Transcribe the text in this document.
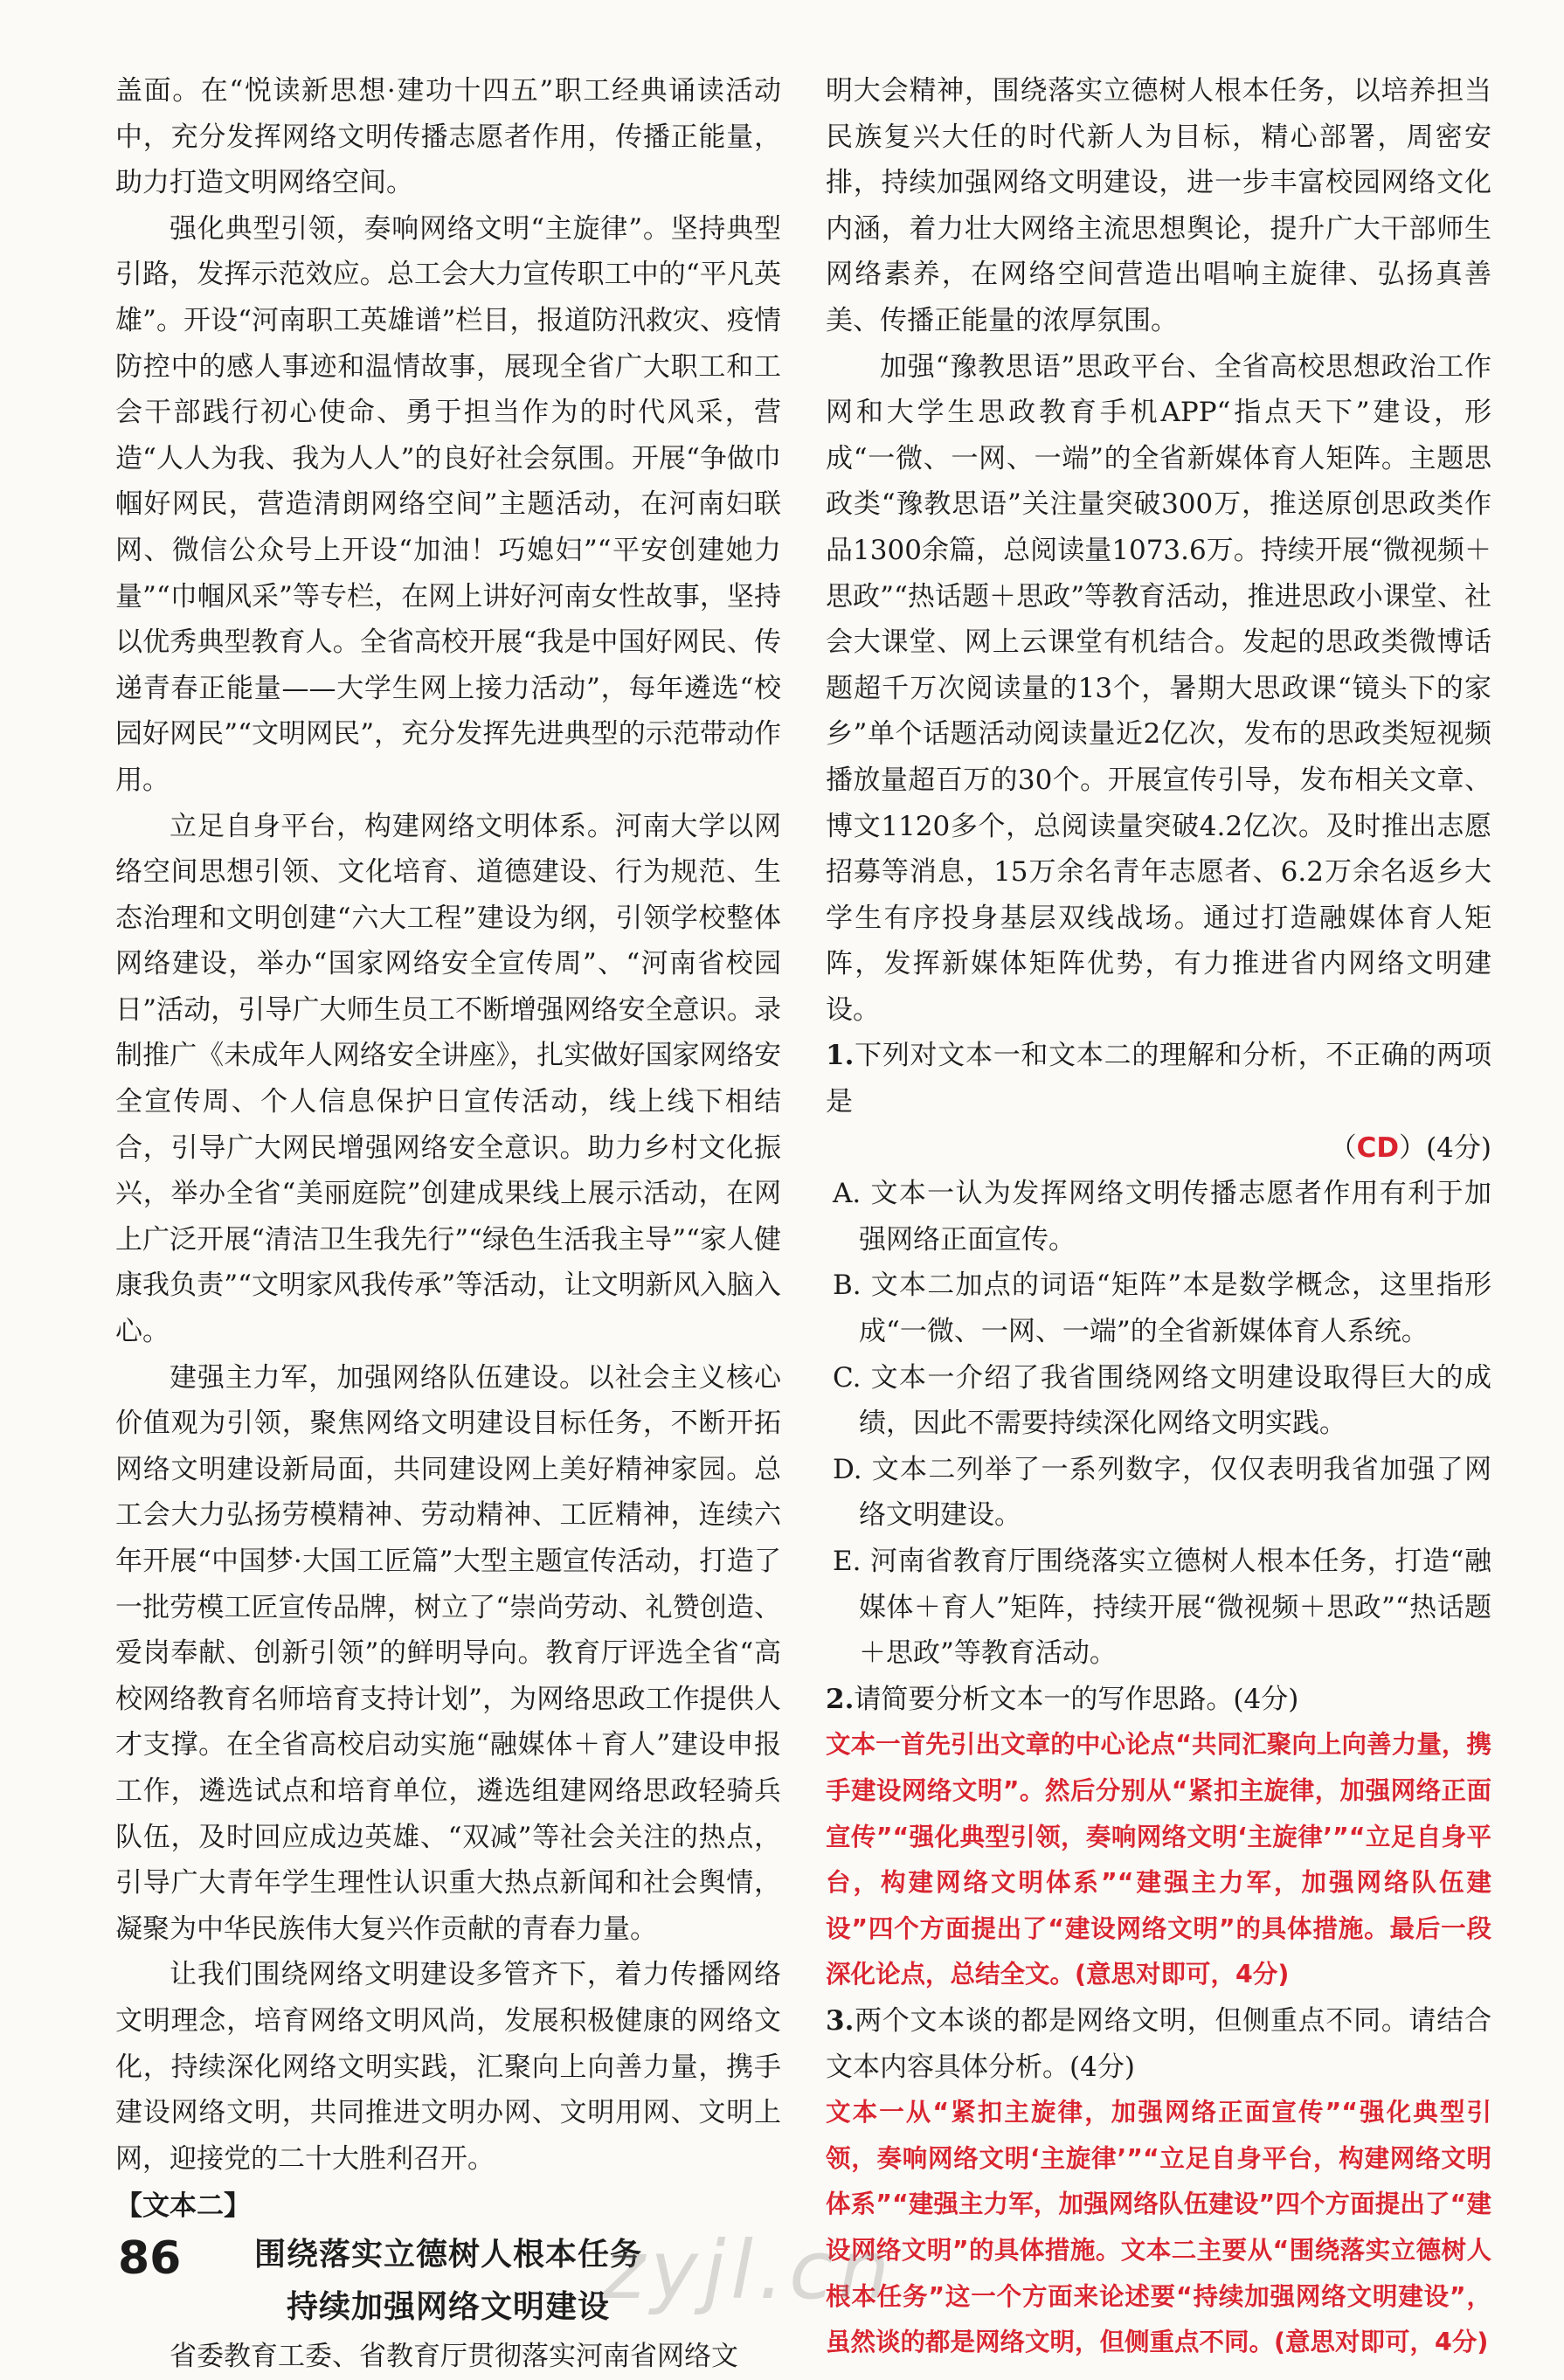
盖面。在“悦读新思想·建功十四五”职工经典诵读活动中，充分发挥网络文明传播志愿者作用，传播正能量，助力打造文明网络空间。

强化典型引领，奏响网络文明“主旋律”。坚持典型引路，发挥示范效应。总工会大力宣传职工中的“平凡英雄”。开设“河南职工英雄谱”栏目，报道防汛救灾、疫情防控中的感人事迹和温情故事，展现全省广大职工和工会干部践行初心使命、勇于担当作为的时代风采，营造“人人为我、我为人人”的良好社会氛围。开展“争做巾帼好网民，营造清朗网络空间”主题活动，在河南妇联网、微信公众号上开设“加油！巧媳妇”“平安创建她力量”“巾帼风采”等专栏，在网上讲好河南女性故事，坚持以优秀典型教育人。全省高校开展“我是中国好网民、传递青春正能量——大学生网上接力活动”，每年遴选“校园好网民”“文明网民”，充分发挥先进典型的示范带动作用。

立足自身平台，构建网络文明体系。河南大学以网络空间思想引领、文化培育、道德建设、行为规范、生态治理和文明创建“六大工程”建设为纲，引领学校整体网络建设，举办“国家网络安全宣传周”、“河南省校园日”活动，引导广大师生员工不断增强网络安全意识。录制推广《未成年人网络安全讲座》，扎实做好国家网络安全宣传周、个人信息保护日宣传活动，线上线下相结合，引导广大网民增强网络安全意识。助力乡村文化振兴，举办全省“美丽庭院”创建成果线上展示活动，在网上广泛开展“清洁卫生我先行”“绿色生活我主导”“家人健康我负责”“文明家风我传承”等活动，让文明新风入脑入心。

建强主力军，加强网络队伍建设。以社会主义核心价值观为引领，聚焦网络文明建设目标任务，不断开拓网络文明建设新局面，共同建设网上美好精神家园。总工会大力弘扬劳模精神、劳动精神、工匠精神，连续六年开展“中国梦·大国工匠篇”大型主题宣传活动，打造了一批劳模工匠宣传品牌，树立了“崇尚劳动、礼赞创造、爱岗奉献、创新引领”的鲜明导向。教育厅评选全省“高校网络教育名师培育支持计划”，为网络思政工作提供人才支撑。在全省高校启动实施“融媒体＋育人”建设申报工作，遴选试点和培育单位，遴选组建网络思政轻骑兵队伍，及时回应成边英雄、“双减”等社会关注的热点，引导广大青年学生理性认识重大热点新闻和社会舆情，凝聚为中华民族伟大复兴作贡献的青春力量。

让我们围绕网络文明建设多管齐下，着力传播网络文明理念，培育网络文明风尚，发展积极健康的网络文化，持续深化网络文明实践，汇聚向上向善力量，携手建设网络文明，共同推进文明办网、文明用网、文明上网，迎接党的二十大胜利召开。

【文本二】
围绕落实立德树人根本任务
持续加强网络文明建设

省委教育工委、省教育厅贯彻落实河南省网络文

明大会精神，围绕落实立德树人根本任务，以培养担当民族复兴大任的时代新人为目标，精心部署，周密安排，持续加强网络文明建设，进一步丰富校园网络文化内涵，着力壮大网络主流思想舆论，提升广大干部师生网络素养，在网络空间营造出唱响主旋律、弘扬真善美、传播正能量的浓厚氛围。

加强“豫教思语”思政平台、全省高校思想政治工作网和大学生思政教育手机APP“指点天下”建设，形成“一微、一网、一端”的全省新媒体育人矩阵。主题思政类“豫教思语”关注量突破300万，推送原创思政类作品1300余篇，总阅读量1073.6万。持续开展“微视频＋思政”“热话题＋思政”等教育活动，推进思政小课堂、社会大课堂、网上云课堂有机结合。发起的思政类微博话题超千万次阅读量的13个，暑期大思政课“镜头下的家乡”单个话题活动阅读量近2亿次，发布的思政类短视频播放量超百万的30个。开展宣传引导，发布相关文章、博文1120多个，总阅读量突破4.2亿次。及时推出志愿招募等消息，15万余名青年志愿者、6.2万余名返乡大学生有序投身基层双线战场。通过打造融媒体育人矩阵，发挥新媒体矩阵优势，有力推进省内网络文明建设。

1.下列对文本一和文本二的理解和分析，不正确的两项是
（CD）(4分)
A. 文本一认为发挥网络文明传播志愿者作用有利于加强网络正面宣传。
B. 文本二加点的词语“矩阵”本是数学概念，这里指形成“一微、一网、一端”的全省新媒体育人系统。
C. 文本一介绍了我省围绕网络文明建设取得巨大的成绩，因此不需要持续深化网络文明实践。
D. 文本二列举了一系列数字，仅仅表明我省加强了网络文明建设。
E. 河南省教育厅围绕落实立德树人根本任务，打造“融媒体＋育人”矩阵，持续开展“微视频＋思政”“热话题＋思政”等教育活动。
2.请简要分析文本一的写作思路。(4分)
文本一首先引出文章的中心论点“共同汇聚向上向善力量，携手建设网络文明”。然后分别从“紧扣主旋律，加强网络正面宣传”“强化典型引领，奏响网络文明‘主旋律’”“立足自身平台，构建网络文明体系”“建强主力军，加强网络队伍建设”四个方面提出了“建设网络文明”的具体措施。最后一段深化论点，总结全文。(意思对即可，4分)
3.两个文本谈的都是网络文明，但侧重点不同。请结合文本内容具体分析。(4分)
文本一从“紧扣主旋律，加强网络正面宣传”“强化典型引领，奏响网络文明‘主旋律’”“立足自身平台，构建网络文明体系”“建强主力军，加强网络队伍建设”四个方面提出了“建设网络文明”的具体措施。文本二主要从“围绕落实立德树人根本任务”这一个方面来论述要“持续加强网络文明建设”，虽然谈的都是网络文明，但侧重点不同。(意思对即可，4分)
86	zyjl.cn
